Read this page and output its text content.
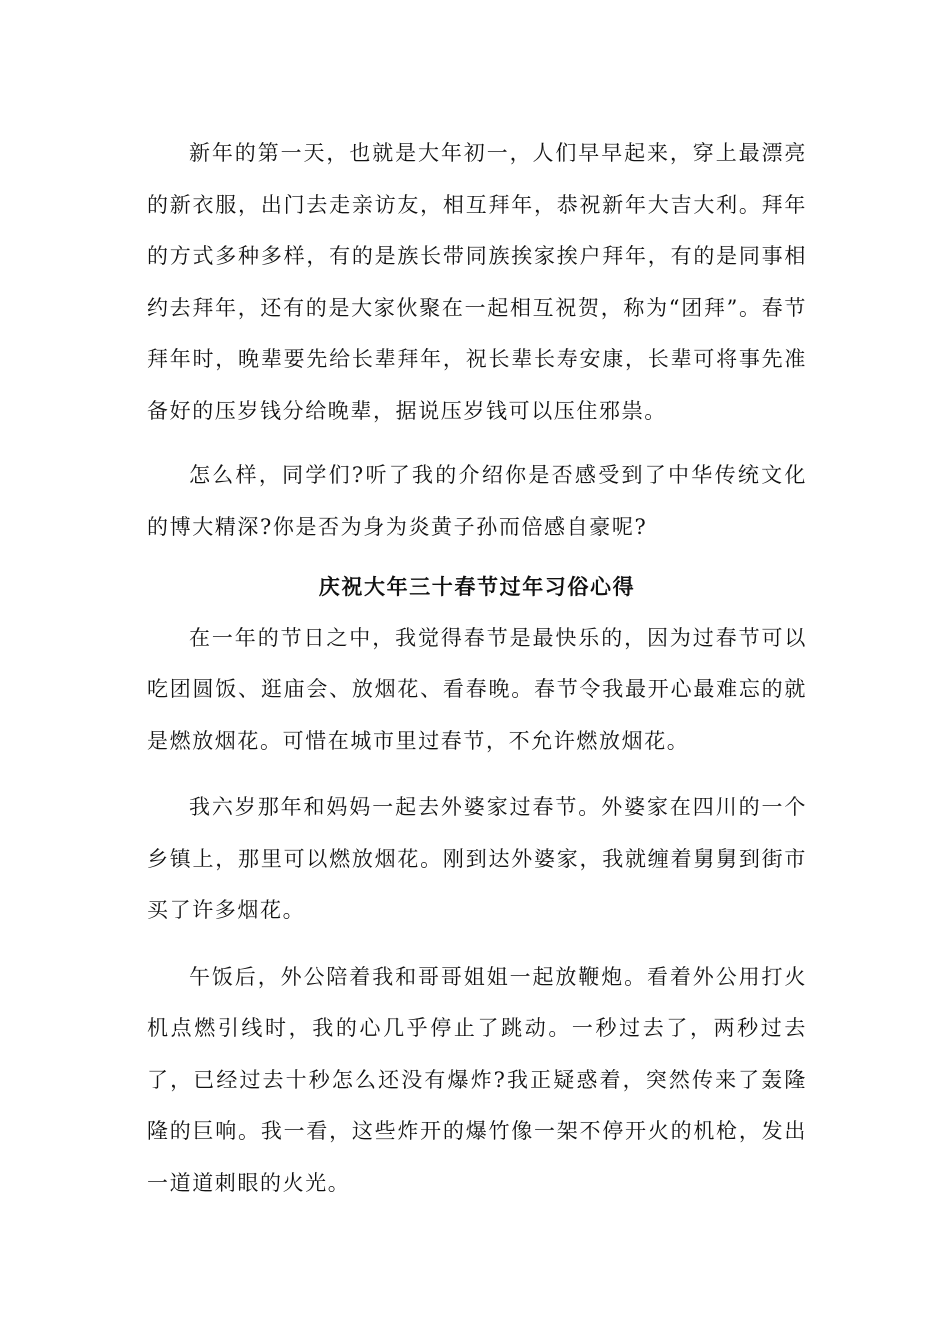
新年的第一天，也就是大年初一，人们早早起来，穿上最漂亮的新衣服，出门去走亲访友，相互拜年，恭祝新年大吉大利。拜年的方式多种多样，有的是族长带同族挨家挨户拜年，有的是同事相约去拜年，还有的是大家伙聚在一起相互祝贺，称为“团拜”。春节拜年时，晚辈要先给长辈拜年，祝长辈长寿安康，长辈可将事先准备好的压岁钱分给晚辈，据说压岁钱可以压住邪祟。

怎么样，同学们?听了我的介绍你是否感受到了中华传统文化的博大精深?你是否为身为炎黄子孙而倍感自豪呢?

庆祝大年三十春节过年习俗心得

在一年的节日之中，我觉得春节是最快乐的，因为过春节可以吃团圆饭、逛庙会、放烟花、看春晚。春节令我最开心最难忘的就是燃放烟花。可惜在城市里过春节，不允许燃放烟花。

我六岁那年和妈妈一起去外婆家过春节。外婆家在四川的一个乡镇上，那里可以燃放烟花。刚到达外婆家，我就缠着舅舅到街市买了许多烟花。

午饭后，外公陪着我和哥哥姐姐一起放鞭炮。看着外公用打火机点燃引线时，我的心几乎停止了跳动。一秒过去了，两秒过去了，已经过去十秒怎么还没有爆炸?我正疑惑着，突然传来了轰隆隆的巨响。我一看，这些炸开的爆竹像一架不停开火的机枪，发出一道道刺眼的火光。
